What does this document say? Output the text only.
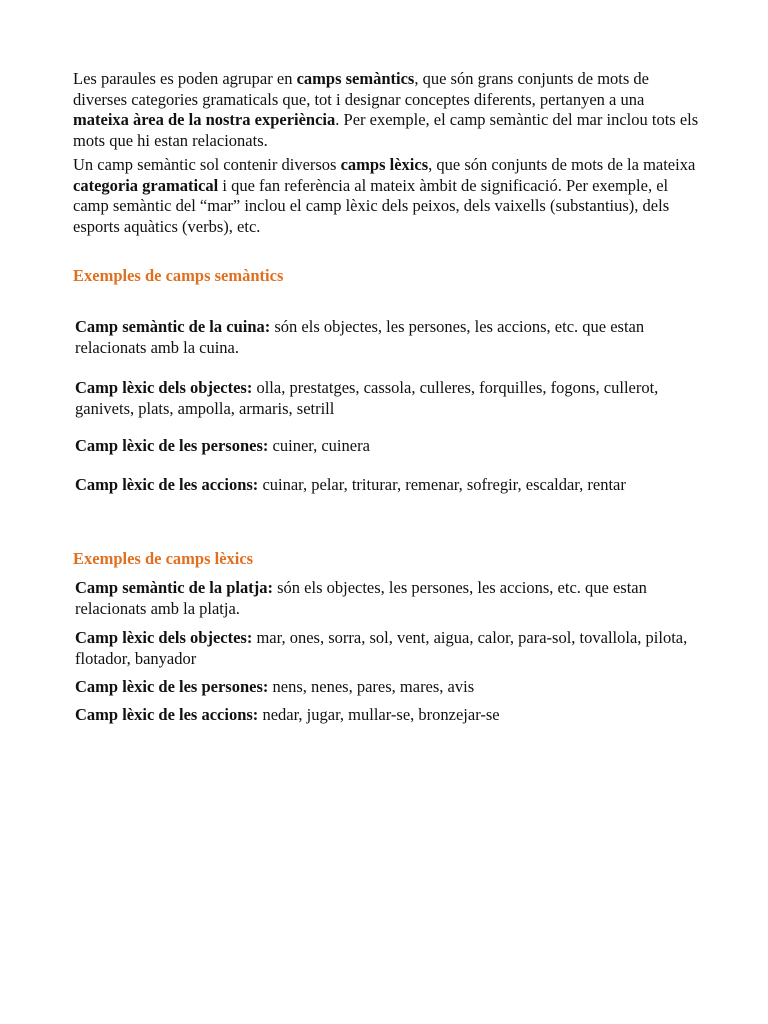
Les paraules es poden agrupar en camps semàntics, que són grans conjunts de mots de diverses categories gramaticals que, tot i designar conceptes diferents, pertanyen a una mateixa àrea de la nostra experiència. Per exemple, el camp semàntic del mar inclou tots els mots que hi estan relacionats.

Un camp semàntic sol contenir diversos camps lèxics, que són conjunts de mots de la mateixa categoria gramatical i que fan referència al mateix àmbit de significació. Per exemple, el camp semàntic del “mar” inclou el camp lèxic dels peixos, dels vaixells (substantius), dels esports aquàtics (verbs), etc.

Exemples de camps semàntics

Camp semàntic de la cuina: són els objectes, les persones, les accions, etc. que estan relacionats amb la cuina.

Camp lèxic dels objectes: olla, prestatges, cassola, culleres, forquilles, fogons, cullerot, ganivets, plats, ampolla, armaris, setrill

Camp lèxic de les persones: cuiner, cuinera

Camp lèxic de les accions: cuinar, pelar, triturar, remenar, sofregir, escaldar, rentar

Exemples de camps lèxics

Camp semàntic de la platja: són els objectes, les persones, les accions, etc. que estan relacionats amb la platja.

Camp lèxic dels objectes: mar, ones, sorra, sol, vent, aigua, calor, para-sol, tovallola, pilota, flotador, banyador

Camp lèxic de les persones: nens, nenes, pares, mares, avis

Camp lèxic de les accions: nedar, jugar, mullar-se, bronzejar-se
